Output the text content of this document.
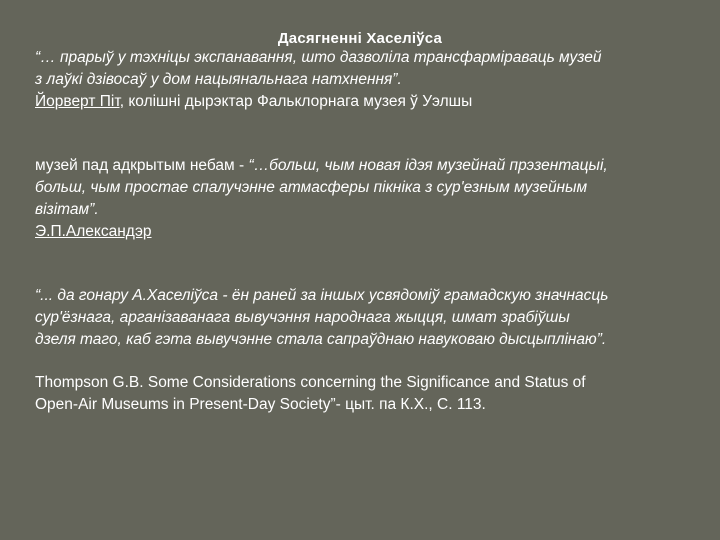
Дасягненні Хаселіўса
“… прарыў у тэхніцы экспанавання, што дазволіла трансфарміраваць музей
з лаўкі дзівосаў у дом нацыянальнага натхнення”.
Йорверт Пiт, колішні дырэктар Фальклорнага музея ў Уэлшы
музей пад адкрытым небам - “…больш, чым новая ідэя музейнай прэзентацыі,
больш, чым простае спалучэнне атмасферы пікніка з сур'езным музейным
візітам”.
Э.П.Александэр
“... да гонару А.Хаселіўса - ён раней за іншых усвядоміў грамадскую значнасць
сур'ёзнага, арганізаванага вывучэння народнага жыцця, шмат зрабіўшы
дзеля таго, каб гэта вывучэнне стала сапраўднаю навуковаю дысцыплінаю”.
Thompson G.B. Some Considerations concerning the Significance and Status of
Open-Air Museums in Present-Day Society”- цыт. па К.Х., С. 113.
